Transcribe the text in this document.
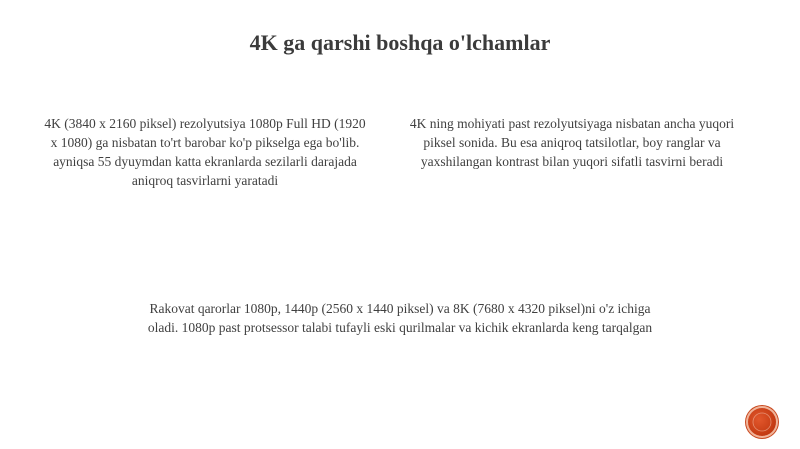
4K ga qarshi boshqa o'lchamlar
4K (3840 x 2160 piksel) rezolyutsiya 1080p Full HD (1920 x 1080) ga nisbatan to'rt barobar ko'p pikselga ega bo'lib. ayniqsa 55 dyuymdan katta ekranlarda sezilarli darajada aniqroq tasvirlarni yaratadi
4K ning mohiyati past rezolyutsiyaga nisbatan ancha yuqori piksel sonida. Bu esa aniqroq tatsilotlar, boy ranglar va yaxshilangan kontrast bilan yuqori sifatli tasvirni beradi
Rakovat qarorlar 1080p, 1440p (2560 x 1440 piksel) va 8K (7680 x 4320 piksel)ni o'z ichiga oladi. 1080p past protsessor talabi tufayli eski qurilmalar va kichik ekranlarda keng tarqalgan
